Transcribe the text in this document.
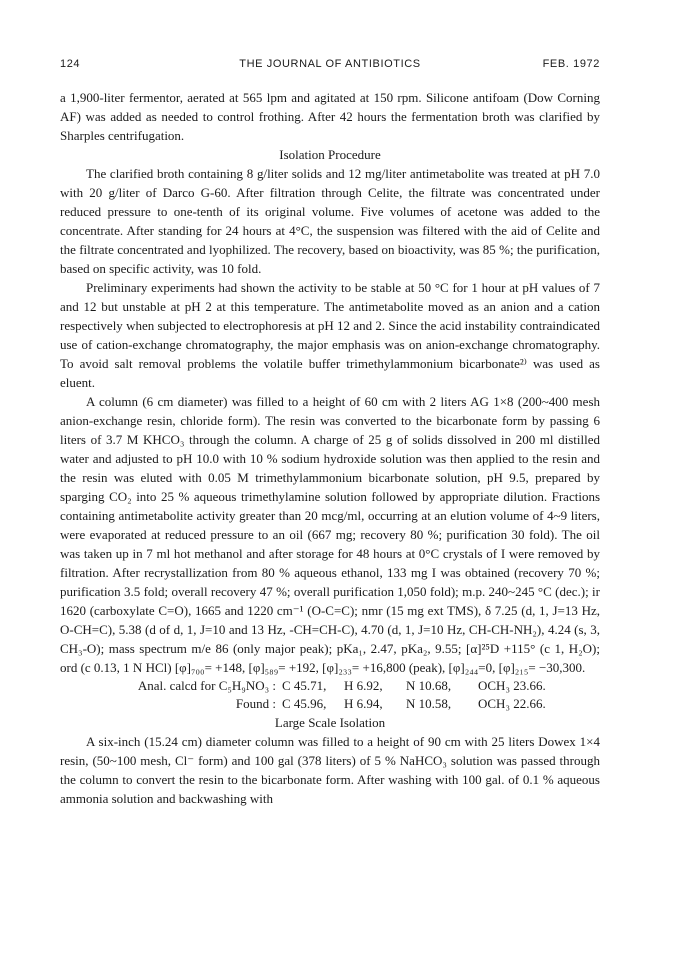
124	THE JOURNAL OF ANTIBIOTICS	FEB. 1972

a 1,900-liter fermentor, aerated at 565 lpm and agitated at 150 rpm. Silicone antifoam (Dow Corning AF) was added as needed to control frothing. After 42 hours the fermentation broth was clarified by Sharples centrifugation.

Isolation Procedure

The clarified broth containing 8 g/liter solids and 12 mg/liter antimetabolite was treated at pH 7.0 with 20 g/liter of Darco G-60. After filtration through Celite, the filtrate was concentrated under reduced pressure to one-tenth of its original volume. Five volumes of acetone was added to the concentrate. After standing for 24 hours at 4°C, the suspension was filtered with the aid of Celite and the filtrate concentrated and lyophilized. The recovery, based on bioactivity, was 85 %; the purification, based on specific activity, was 10 fold.

Preliminary experiments had shown the activity to be stable at 50 °C for 1 hour at pH values of 7 and 12 but unstable at pH 2 at this temperature. The antimetabolite moved as an anion and a cation respectively when subjected to electrophoresis at pH 12 and 2. Since the acid instability contraindicated use of cation-exchange chromatography, the major emphasis was on anion-exchange chromatography. To avoid salt removal problems the volatile buffer trimethylammonium bicarbonate²⁾ was used as eluent.

A column (6 cm diameter) was filled to a height of 60 cm with 2 liters AG 1×8 (200~400 mesh anion-exchange resin, chloride form). The resin was converted to the bicarbonate form by passing 6 liters of 3.7 M KHCO₃ through the column. A charge of 25 g of solids dissolved in 200 ml distilled water and adjusted to pH 10.0 with 10 % sodium hydroxide solution was then applied to the resin and the resin was eluted with 0.05 M trimethylammonium bicarbonate solution, pH 9.5, prepared by sparging CO₂ into 25 % aqueous trimethylamine solution followed by appropriate dilution. Fractions containing antimetabolite activity greater than 20 mcg/ml, occurring at an elution volume of 4~9 liters, were evaporated at reduced pressure to an oil (667 mg; recovery 80 %; purification 30 fold). The oil was taken up in 7 ml hot methanol and after storage for 48 hours at 0°C crystals of I were removed by filtration. After recrystallization from 80 % aqueous ethanol, 133 mg I was obtained (recovery 70 %; purification 3.5 fold; overall recovery 47 %; overall purification 1,050 fold); m.p. 240~245 °C (dec.); ir 1620 (carboxylate C=O), 1665 and 1220 cm⁻¹ (O-C=C); nmr (15 mg ext TMS), δ 7.25 (d, 1, J=13 Hz, O-CH=C), 5.38 (d of d, 1, J=10 and 13 Hz, -CH=CH-C), 4.70 (d, 1, J=10 Hz, CH-CH-NH₂), 4.24 (s, 3, CH₃-O); mass spectrum m/e 86 (only major peak); pKa₁, 2.47, pKa₂, 9.55; [α]²⁵D +115° (c 1, H₂O); ord (c 0.13, 1 N HCl) [φ]₇₀₀= +148, [φ]₅₈₉= +192, [φ]₂₃₃= +16,800 (peak), [φ]₂₄₄=0, [φ]₂₁₅= −30,300.

Anal. calcd for C₅H₉NO₃ : C 45.71,	H 6.92,	N 10.68,	OCH₃ 23.66.
Found : C 45.96,	H 6.94,	N 10.58,	OCH₃ 22.66.
Large Scale Isolation

A six-inch (15.24 cm) diameter column was filled to a height of 90 cm with 25 liters Dowex 1×4 resin, (50~100 mesh, Cl⁻ form) and 100 gal (378 liters) of 5 % NaHCO₃ solution was passed through the column to convert the resin to the bicarbonate form. After washing with 100 gal. of 0.1 % aqueous ammonia solution and backwashing with
